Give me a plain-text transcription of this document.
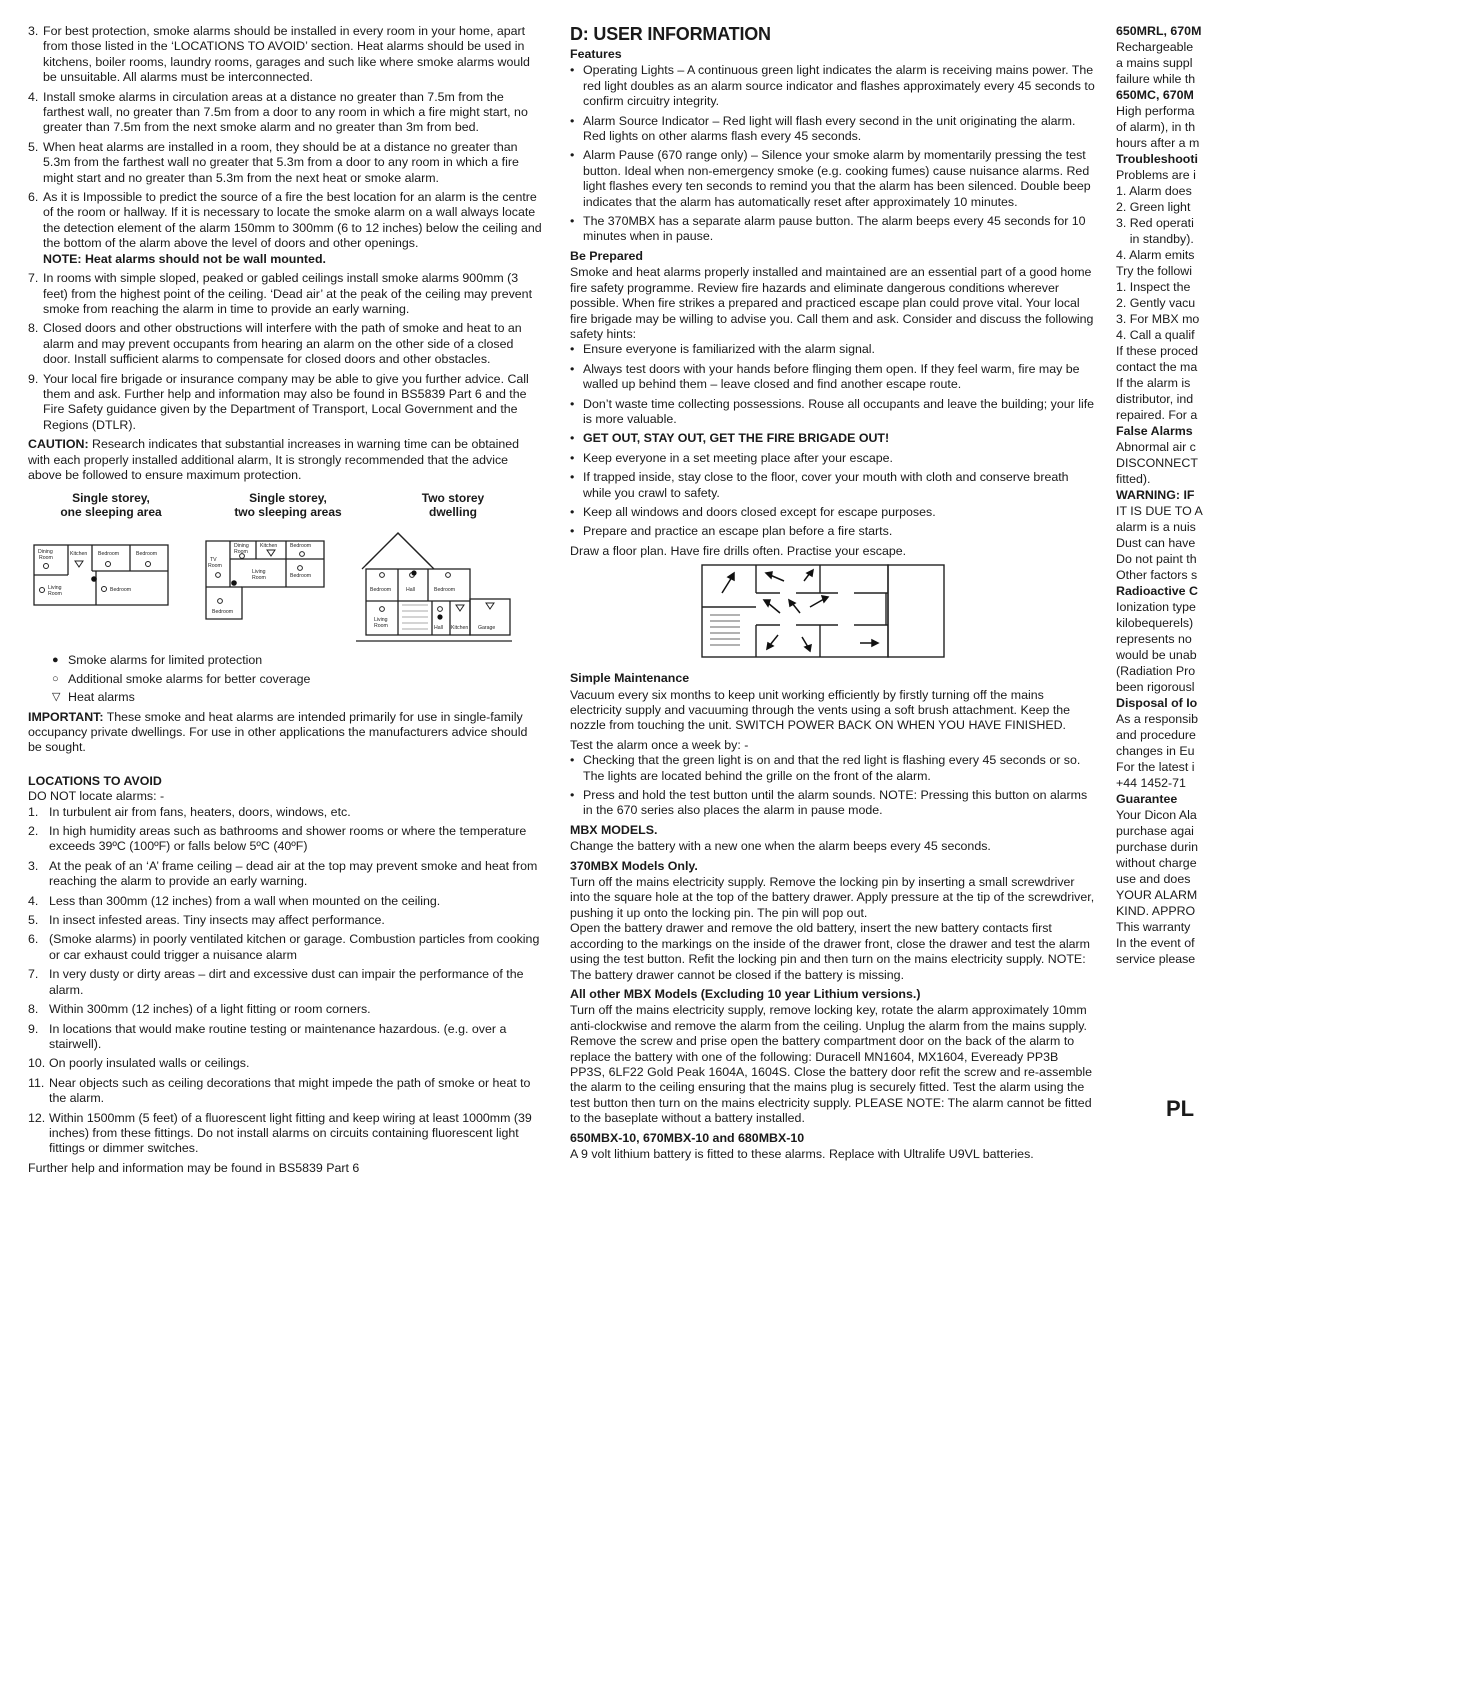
3. For best protection, smoke alarms should be installed in every room in your home, apart from those listed in the ‘LOCATIONS TO AVOID’ section. Heat alarms should be used in kitchens, boiler rooms, laundry rooms, garages and such like where smoke alarms would be unsuitable. All alarms must be interconnected.
4. Install smoke alarms in circulation areas at a distance no greater than 7.5m from the farthest wall, no greater than 7.5m from a door to any room in which a fire might start, no greater than 7.5m from the next smoke alarm and no greater than 3m from bed.
5. When heat alarms are installed in a room, they should be at a distance no greater than 5.3m from the farthest wall no greater that 5.3m from a door to any room in which a fire might start and no greater than 5.3m from the next heat or smoke alarm.
6. As it is Impossible to predict the source of a fire the best location for an alarm is the centre of the room or hallway. If it is necessary to locate the smoke alarm on a wall always locate the detection element of the alarm 150mm to 300mm (6 to 12 inches) below the ceiling and the bottom of the alarm above the level of doors and other openings.
NOTE: Heat alarms should not be wall mounted.
7. In rooms with simple sloped, peaked or gabled ceilings install smoke alarms 900mm (3 feet) from the highest point of the ceiling. ‘Dead air’ at the peak of the ceiling may prevent smoke from reaching the alarm in time to provide an early warning.
8. Closed doors and other obstructions will interfere with the path of smoke and heat to an alarm and may prevent occupants from hearing an alarm on the other side of a closed door. Install sufficient alarms to compensate for closed doors and other obstacles.
9. Your local fire brigade or insurance company may be able to give you further advice. Call them and ask. Further help and information may also be found in BS5839 Part 6 and the Fire Safety guidance given by the Department of Transport, Local Government and the Regions (DTLR).

CAUTION: Research indicates that substantial increases in warning time can be obtained with each properly installed additional alarm, It is strongly recommended that the advice above be followed to ensure maximum protection.

Single storey,
one sleeping area
Single storey,
two sleeping areas
Two storey
dwelling
Dining
Room
Kitchen Bedroom	Bedroom
Living
Room
Bedroom
Dining
Room
Kitchen Bedroom
TV
Room
Living
Room	Bedroom
Bedroom
Bedroom	Hall	Bedroom
Living
Room	Hall Kitchen Garage
● Smoke alarms for limited protection
○ Additional smoke alarms for better coverage
▽ Heat alarms

IMPORTANT: These smoke and heat alarms are intended primarily for use in single-family occupancy private dwellings. For use in other applications the manufacturers advice should be sought.

LOCATIONS TO AVOID
DO NOT locate alarms: -
1. In turbulent air from fans, heaters, doors, windows, etc.
2. In high humidity areas such as bathrooms and shower rooms or where the temperature exceeds 39ºC (100ºF) or falls below 5ºC (40ºF)
3. At the peak of an ‘A’ frame ceiling – dead air at the top may prevent smoke and heat from reaching the alarm to provide an early warning.
4. Less than 300mm (12 inches) from a wall when mounted on the ceiling.
5. In insect infested areas. Tiny insects may affect performance.
6. (Smoke alarms) in poorly ventilated kitchen or garage. Combustion particles from cooking or car exhaust could trigger a nuisance alarm
7. In very dusty or dirty areas – dirt and excessive dust can impair the performance of the alarm.
8. Within 300mm (12 inches) of a light fitting or room corners.
9. In locations that would make routine testing or maintenance hazardous. (e.g. over a stairwell).
10. On poorly insulated walls or ceilings.
11. Near objects such as ceiling decorations that might impede the path of smoke or heat to the alarm.
12. Within 1500mm (5 feet) of a fluorescent light fitting and keep wiring at least 1000mm (39 inches) from these fittings. Do not install alarms on circuits containing fluorescent light fittings or dimmer switches.

Further help and information may be found in BS5839 Part 6

D: USER INFORMATION
Features
• Operating Lights – A continuous green light indicates the alarm is receiving mains power. The red light doubles as an alarm source indicator and flashes approximately every 45 seconds to confirm circuitry integrity.
• Alarm Source Indicator – Red light will flash every second in the unit originating the alarm. Red lights on other alarms flash every 45 seconds.
• Alarm Pause (670 range only) – Silence your smoke alarm by momentarily pressing the test button. Ideal when non-emergency smoke (e.g. cooking fumes) cause nuisance alarms. Red light flashes every ten seconds to remind you that the alarm has been silenced. Double beep indicates that the alarm has automatically reset after approximately 10 minutes.
• The 370MBX has a separate alarm pause button. The alarm beeps every 45 seconds for 10 minutes when in pause.
Be Prepared

Smoke and heat alarms properly installed and maintained are an essential part of a good home fire safety programme. Review fire hazards and eliminate dangerous conditions wherever possible. When fire strikes a prepared and practiced escape plan could prove vital. Your local fire brigade may be willing to advise you. Call them and ask. Consider and discuss the following safety hints:

• Ensure everyone is familiarized with the alarm signal.
• Always test doors with your hands before flinging them open. If they feel warm, fire may be walled up behind them – leave closed and find another escape route.
• Don’t waste time collecting possessions. Rouse all occupants and leave the building; your life is more valuable.
• GET OUT, STAY OUT, GET THE FIRE BRIGADE OUT!
• Keep everyone in a set meeting place after your escape.
• If trapped inside, stay close to the floor, cover your mouth with cloth and conserve breath while you crawl to safety.
• Keep all windows and doors closed except for escape purposes.
• Prepare and practice an escape plan before a fire starts.

Draw a floor plan. Have fire drills often. Practise your escape.

Simple Maintenance

Vacuum every six months to keep unit working efficiently by firstly turning off the mains electricity supply and vacuuming through the vents using a soft brush attachment. Keep the nozzle from touching the unit. SWITCH POWER BACK ON WHEN YOU HAVE FINISHED.

Test the alarm once a week by: -

• Checking that the green light is on and that the red light is flashing every 45 seconds or so. The lights are located behind the grille on the front of the alarm.
• Press and hold the test button until the alarm sounds. NOTE: Pressing this button on alarms in the 670 series also places the alarm in pause mode.
MBX MODELS.

Change the battery with a new one when the alarm beeps every 45 seconds.

370MBX Models Only.

Turn off the mains electricity supply. Remove the locking pin by inserting a small screwdriver into the square hole at the top of the battery drawer. Apply pressure at the tip of the screwdriver, pushing it up onto the locking pin. The pin will pop out.

Open the battery drawer and remove the old battery, insert the new battery contacts first according to the markings on the inside of the drawer front, close the drawer and test the alarm using the test button. Refit the locking pin and then turn on the mains electricity supply. NOTE: The battery drawer cannot be closed if the battery is missing.

All other MBX Models (Excluding 10 year Lithium versions.)

Turn off the mains electricity supply, remove locking key, rotate the alarm approximately 10mm anti-clockwise and remove the alarm from the ceiling. Unplug the alarm from the mains supply. Remove the screw and prise open the battery compartment door on the back of the alarm to replace the battery with one of the following: Duracell MN1604, MX1604, Eveready PP3B PP3S, 6LF22 Gold Peak 1604A, 1604S. Close the battery door refit the screw and re-assemble the alarm to the ceiling ensuring that the mains plug is securely fitted. Test the alarm using the test button then turn on the mains electricity supply. PLEASE NOTE: The alarm cannot be fitted to the baseplate without a battery installed.

650MBX-10, 670MBX-10 and 680MBX-10

A 9 volt lithium battery is fitted to these alarms. Replace with Ultralife U9VL batteries.

650MRL, 670M
Rechargeable
a mains suppl
failure while th
650MC, 670M
High performa
of alarm), in th
hours after a m
Troubleshooti
Problems are i
1. Alarm does
2. Green light
3. Red operati
in standby).
4. Alarm emits
Try the followi
1. Inspect the
2. Gently vacu
3. For MBX mo
4. Call a qualif
If these proced
contact the ma
If the alarm is
distributor, ind
repaired. For a
False Alarms
Abnormal air c
DISCONNECT
fitted).
WARNING: IF
IT IS DUE TO A
alarm is a nuis
Dust can have
Do not paint th
Other factors s
Radioactive C
Ionization type
kilobequerels)
represents no
would be unab
(Radiation Pro
been rigorousl
Disposal of Io
As a responsib
and procedure
changes in Eu
For the latest i
+44 1452-71
Guarantee
Your Dicon Ala
purchase agai
purchase durin
without charge
use and does
YOUR ALARM
KIND. APPRO
This warranty
In the event of
service please
PL
